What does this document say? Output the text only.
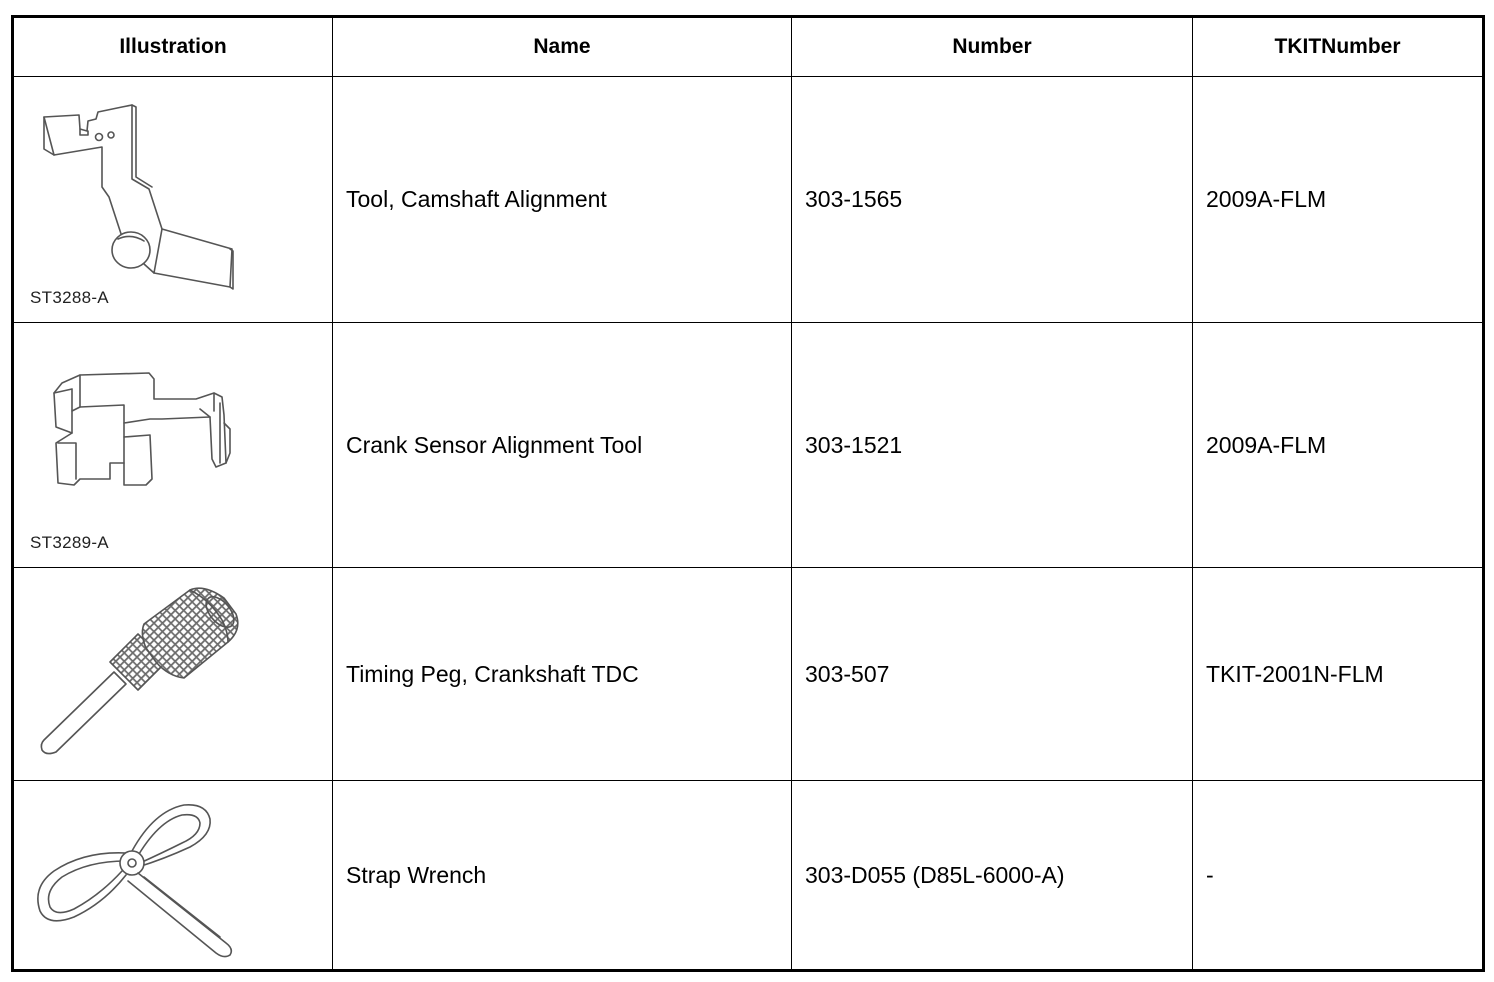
Illustration	Name	Number	TKITNumber

ST3288-A	Tool, Camshaft Alignment	303-1565	2009A-FLM

ST3289-A	Crank Sensor Alignment Tool	303-1521	2009A-FLM

	Timing Peg, Crankshaft TDC	303-507	TKIT-2001N-FLM

	Strap Wrench	303-D055 (D85L-6000-A)	-
